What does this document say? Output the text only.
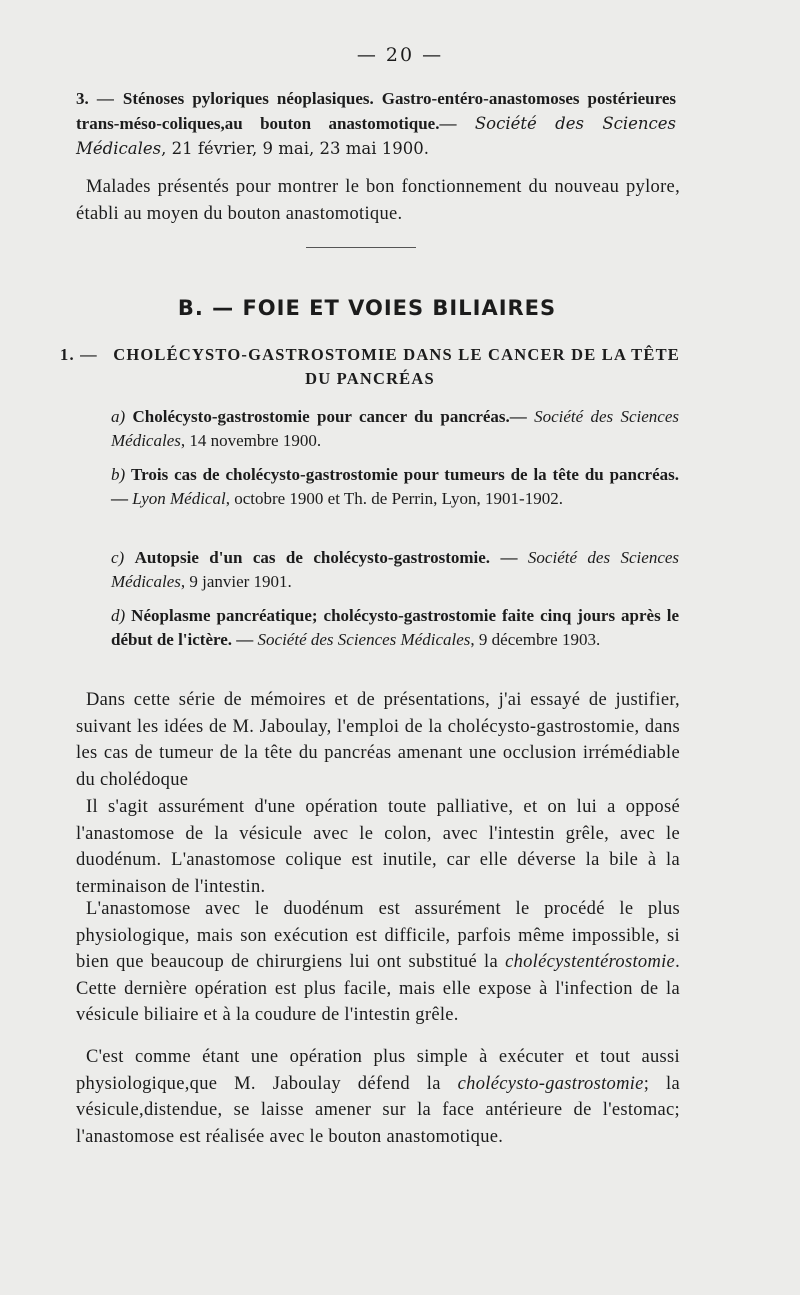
— 20 —
3. — Sténoses pyloriques néoplasiques. Gastro-entéro-anastomoses postérieures trans-méso-coliques,au bouton anastomotique.— Société des Sciences Médicales, 21 février, 9 mai, 23 mai 1900.
Malades présentés pour montrer le bon fonctionnement du nouveau pylore, établi au moyen du bouton anastomotique.
B. — FOIE ET VOIES BILIAIRES
1. — CHOLÉCYSTO-GASTROSTOMIE DANS LE CANCER DE LA TÊTE
DU PANCRÉAS
a) Cholécysto-gastrostomie pour cancer du pancréas.— Société des Sciences Médicales, 14 novembre 1900.
b) Trois cas de cholécysto-gastrostomie pour tumeurs de la tête du pancréas. — Lyon Médical, octobre 1900 et Th. de Perrin, Lyon, 1901-1902.
c) Autopsie d'un cas de cholécysto-gastrostomie. — Société des Sciences Médicales, 9 janvier 1901.
d) Néoplasme pancréatique; cholécysto-gastrostomie faite cinq jours après le début de l'ictère. — Société des Sciences Médicales, 9 décembre 1903.
Dans cette série de mémoires et de présentations, j'ai essayé de justifier, suivant les idées de M. Jaboulay, l'emploi de la cholécysto-gastrostomie, dans les cas de tumeur de la tête du pancréas amenant une occlusion irrémédiable du cholédoque
Il s'agit assurément d'une opération toute palliative, et on lui a opposé l'anastomose de la vésicule avec le colon, avec l'intestin grêle, avec le duodénum. L'anastomose colique est inutile, car elle déverse la bile à la terminaison de l'intestin.
L'anastomose avec le duodénum est assurément le procédé le plus physiologique, mais son exécution est difficile, parfois même impossible, si bien que beaucoup de chirurgiens lui ont substitué la cholécystentérostomie. Cette dernière opération est plus facile, mais elle expose à l'infection de la vésicule biliaire et à la coudure de l'intestin grêle.
C'est comme étant une opération plus simple à exécuter et tout aussi physiologique,que M. Jaboulay défend la cholécysto-gastrostomie; la vésicule,distendue, se laisse amener sur la face antérieure de l'estomac; l'anastomose est réalisée avec le bouton anastomotique.
